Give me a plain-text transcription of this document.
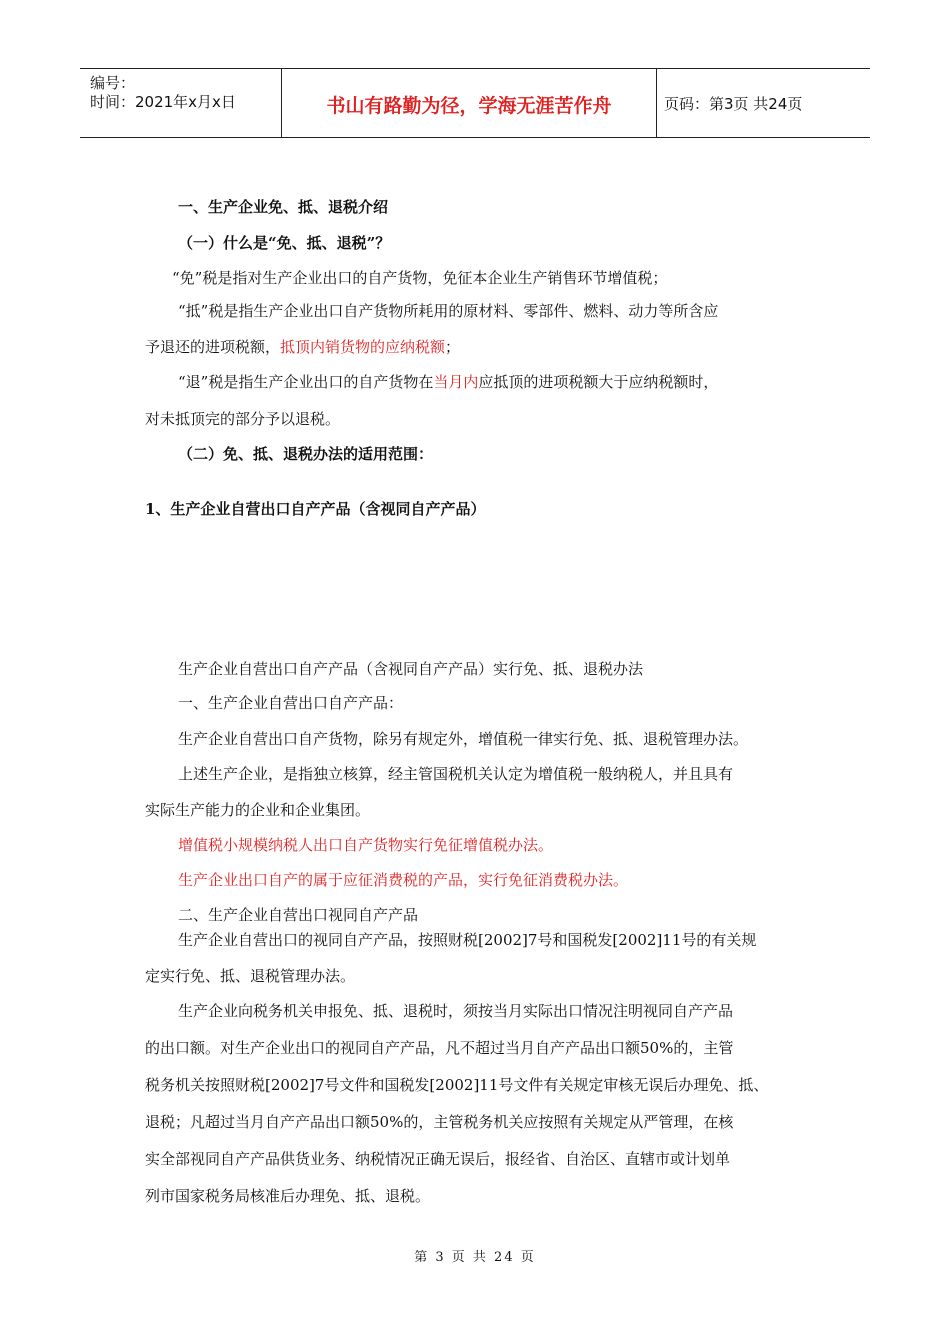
编号：
时间：2021年x月x日	书山有路勤为径，学海无涯苦作舟	页码：第3页 共24页
一、生产企业免、抵、退税介绍
（一）什么是“免、抵、退税”？
“免”税是指对生产企业出口的自产货物，免征本企业生产销售环节增值税；
“抵”税是指生产企业出口自产货物所耗用的原材料、零部件、燃料、动力等所含应
予退还的进项税额，抵顶内销货物的应纳税额；
“退”税是指生产企业出口的自产货物在当月内应抵顶的进项税额大于应纳税额时，
对未抵顶完的部分予以退税。
（二）免、抵、退税办法的适用范围：
1、生产企业自营出口自产产品（含视同自产产品）
生产企业自营出口自产产品（含视同自产产品）实行免、抵、退税办法
一、生产企业自营出口自产产品：
生产企业自营出口自产货物，除另有规定外，增值税一律实行免、抵、退税管理办法。
上述生产企业，是指独立核算，经主管国税机关认定为增值税一般纳税人，并且具有
实际生产能力的企业和企业集团。
增值税小规模纳税人出口自产货物实行免征增值税办法。
生产企业出口自产的属于应征消费税的产品，实行免征消费税办法。
二、生产企业自营出口视同自产产品
生产企业自营出口的视同自产产品，按照财税[2002]7号和国税发[2002]11号的有关规
定实行免、抵、退税管理办法。
生产企业向税务机关申报免、抵、退税时，须按当月实际出口情况注明视同自产产品
的出口额。对生产企业出口的视同自产产品，凡不超过当月自产产品出口额50%的，主管
税务机关按照财税[2002]7号文件和国税发[2002]11号文件有关规定审核无误后办理免、抵、
退税；凡超过当月自产产品出口额50%的，主管税务机关应按照有关规定从严管理，在核
实全部视同自产产品供货业务、纳税情况正确无误后，报经省、自治区、直辖市或计划单
列市国家税务局核准后办理免、抵、退税。
第 3 页 共 24 页
